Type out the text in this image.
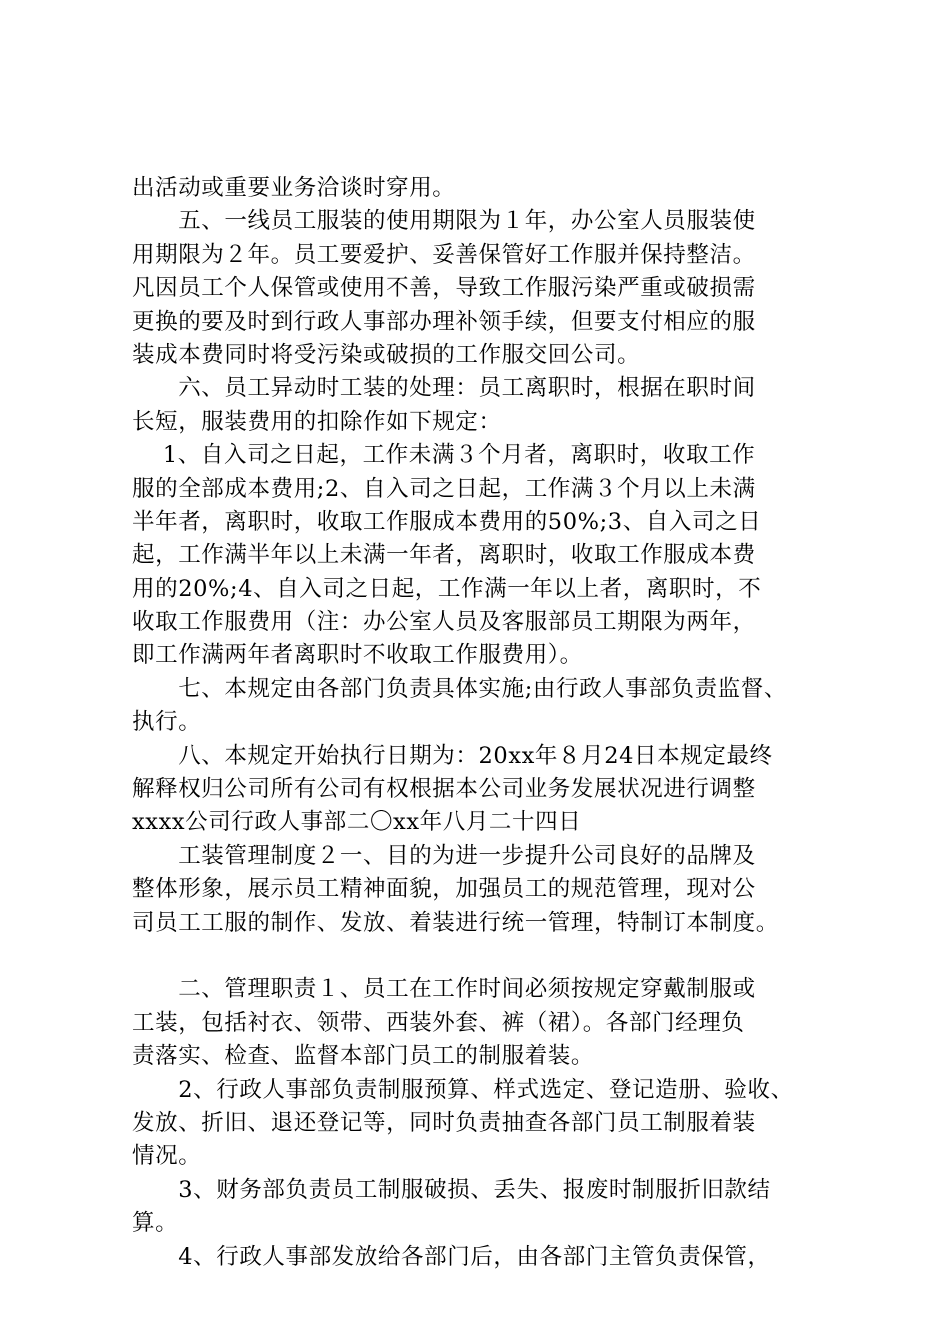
出活动或重要业务洽谈时穿用。
　　五、一线员工服装的使用期限为１年，办公室人员服装使
用期限为２年。员工要爱护、妥善保管好工作服并保持整洁。
凡因员工个人保管或使用不善，导致工作服污染严重或破损需
更换的要及时到行政人事部办理补领手续，但要支付相应的服
装成本费同时将受污染或破损的工作服交回公司。
　　六、员工异动时工装的处理：员工离职时，根据在职时间
长短，服装费用的扣除作如下规定：
　 1、自入司之日起，工作未满３个月者，离职时，收取工作
服的全部成本费用;2、自入司之日起，工作满３个月以上未满
半年者，离职时，收取工作服成本费用的50%;3、自入司之日
起，工作满半年以上未满一年者，离职时，收取工作服成本费
用的20%;4、自入司之日起，工作满一年以上者，离职时，不
收取工作服费用（注：办公室人员及客服部员工期限为两年，
即工作满两年者离职时不收取工作服费用）。
　　七、本规定由各部门负责具体实施;由行政人事部负责监督、
执行。
　　八、本规定开始执行日期为：20xx年８月24日本规定最终
解释权归公司所有公司有权根据本公司业务发展状况进行调整
xxxx公司行政人事部二〇xx年八月二十四日
　　工装管理制度２一、目的为进一步提升公司良好的品牌及
整体形象，展示员工精神面貌，加强员工的规范管理，现对公
司员工工服的制作、发放、着装进行统一管理，特制订本制度。
　　二、管理职责１、员工在工作时间必须按规定穿戴制服或
工装，包括衬衣、领带、西装外套、裤（裙）。各部门经理负
责落实、检查、监督本部门员工的制服着装。
　　2、行政人事部负责制服预算、样式选定、登记造册、验收、
发放、折旧、退还登记等，同时负责抽查各部门员工制服着装
情况。
　　3、财务部负责员工制服破损、丢失、报废时制服折旧款结
算。
　　4、行政人事部发放给各部门后，由各部门主管负责保管，
